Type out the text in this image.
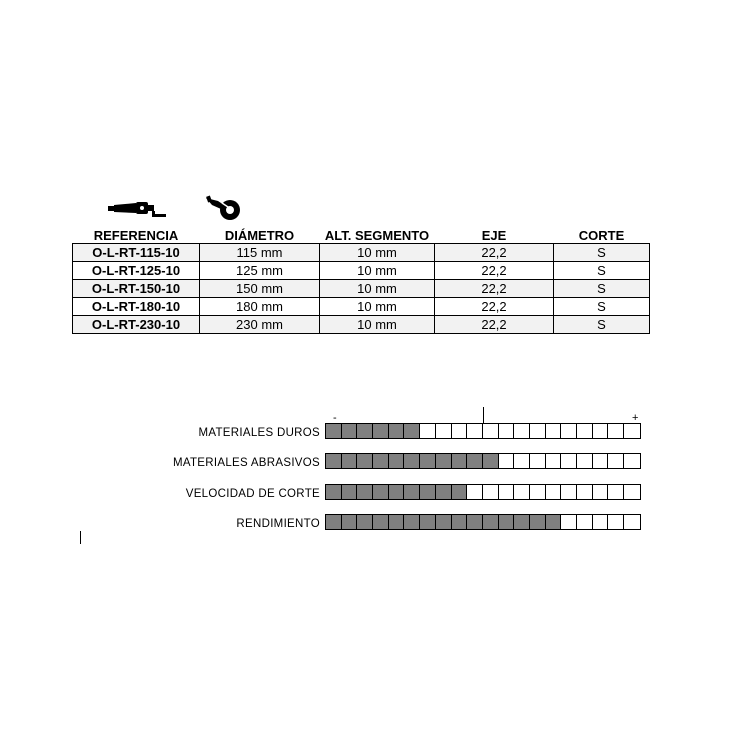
REFERENCIA	DIÁMETRO	ALT. SEGMENTO	EJE	CORTE
O-L-RT-115-10	115 mm	10 mm	22,2	S
O-L-RT-125-10	125 mm	10 mm	22,2	S
O-L-RT-150-10	150 mm	10 mm	22,2	S
O-L-RT-180-10	180 mm	10 mm	22,2	S
O-L-RT-230-10	230 mm	10 mm	22,2	S
-	+
MATERIALES DUROS
MATERIALES ABRASIVOS
VELOCIDAD DE CORTE
RENDIMIENTO
